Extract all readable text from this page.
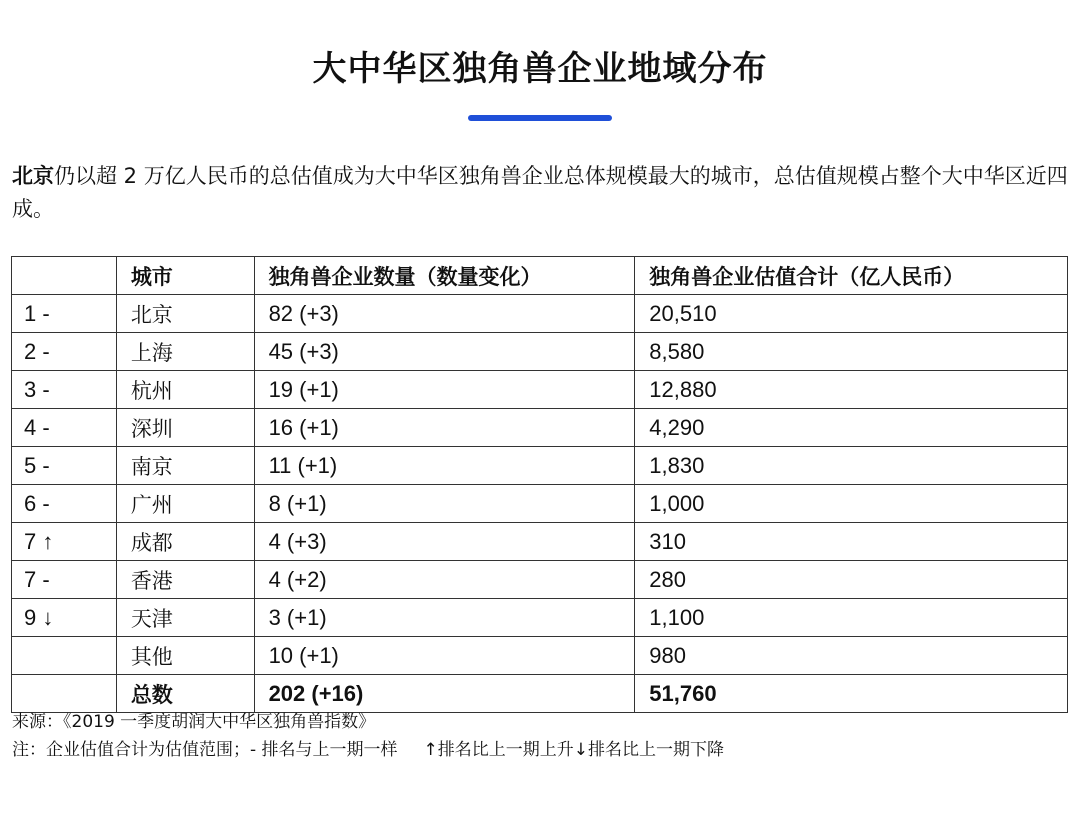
大中华区独角兽企业地域分布
北京仍以超 2 万亿人民币的总估值成为大中华区独角兽企业总体规模最大的城市，总估值规模占整个大中华区近四成。
	城市	独角兽企业数量（数量变化）	独角兽企业估值合计（亿人民币）
1 -	北京	82 (+3)	20,510
2 -	上海	45 (+3)	8,580
3 -	杭州	19 (+1)	12,880
4 -	深圳	16 (+1)	4,290
5 -	南京	11 (+1)	1,830
6 -	广州	8 (+1)	1,000
7 ↑	成都	4 (+3)	310
7 -	香港	4 (+2)	280
9 ↓	天津	3 (+1)	1,100
	其他	10 (+1)	980
	总数	202 (+16)	51,760
来源：《2019 一季度胡润大中华区独角兽指数》
注：企业估值合计为估值范围；- 排名与上一期一样 ↑排名比上一期上升↓排名比上一期下降
